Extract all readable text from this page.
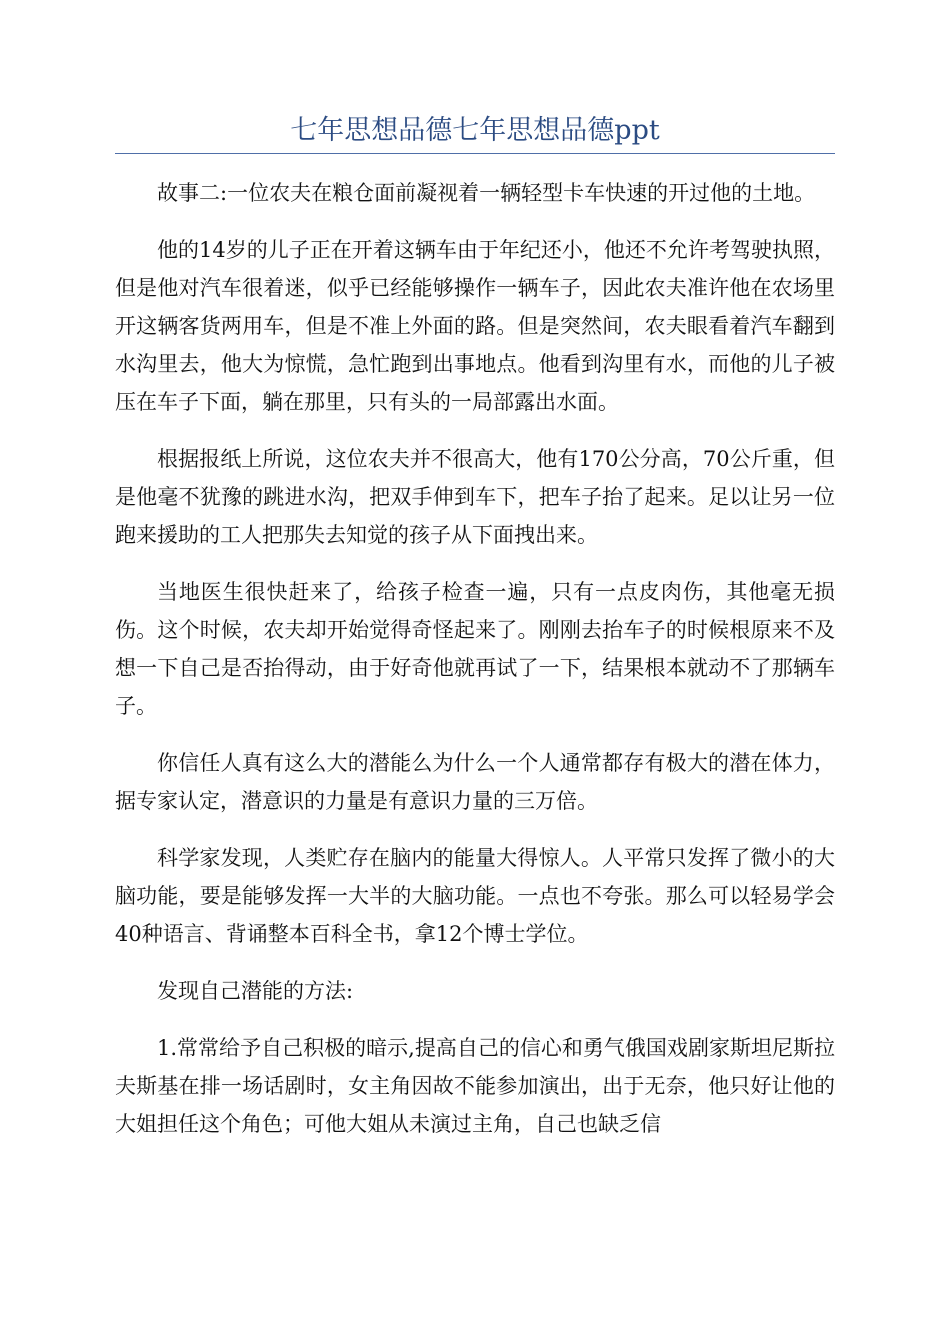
七年思想品德七年思想品德ppt

故事二:一位农夫在粮仓面前凝视着一辆轻型卡车快速的开过他的土地。

他的14岁的儿子正在开着这辆车由于年纪还小，他还不允许考驾驶执照，但是他对汽车很着迷，似乎已经能够操作一辆车子，因此农夫准许他在农场里开这辆客货两用车，但是不准上外面的路。但是突然间，农夫眼看着汽车翻到水沟里去，他大为惊慌，急忙跑到出事地点。他看到沟里有水，而他的儿子被压在车子下面，躺在那里，只有头的一局部露出水面。

根据报纸上所说，这位农夫并不很高大，他有170公分高，70公斤重，但是他毫不犹豫的跳进水沟，把双手伸到车下，把车子抬了起来。足以让另一位跑来援助的工人把那失去知觉的孩子从下面拽出来。

当地医生很快赶来了，给孩子检查一遍，只有一点皮肉伤，其他毫无损伤。这个时候，农夫却开始觉得奇怪起来了。刚刚去抬车子的时候根原来不及想一下自己是否抬得动，由于好奇他就再试了一下，结果根本就动不了那辆车子。

你信任人真有这么大的潜能么为什么一个人通常都存有极大的潜在体力，据专家认定，潜意识的力量是有意识力量的三万倍。

科学家发现，人类贮存在脑内的能量大得惊人。人平常只发挥了微小的大脑功能，要是能够发挥一大半的大脑功能。一点也不夸张。那么可以轻易学会40种语言、背诵整本百科全书，拿12个博士学位。

发现自己潜能的方法:

1.常常给予自己积极的暗示,提高自己的信心和勇气俄国戏剧家斯坦尼斯拉夫斯基在排一场话剧时，女主角因故不能参加演出，出于无奈，他只好让他的大姐担任这个角色；可他大姐从未演过主角，自己也缺乏信
